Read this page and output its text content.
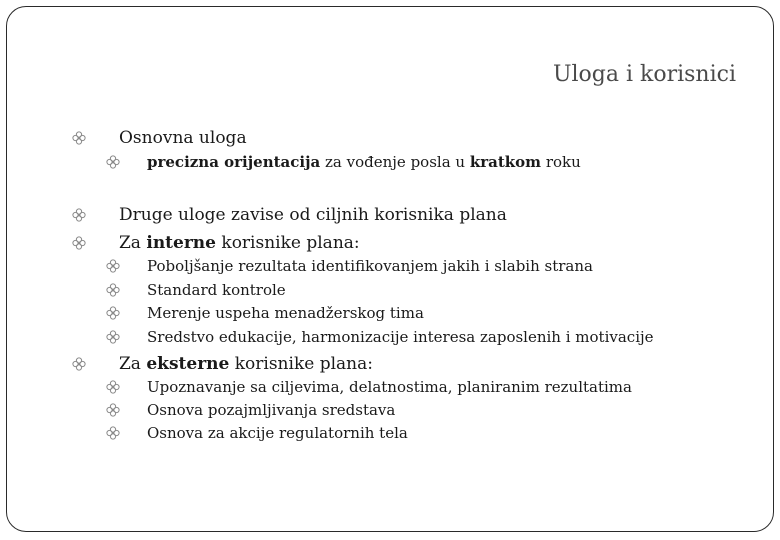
Uloga i korisnici
Osnovna uloga
precizna orijentacija za vođenje posla u kratkom roku
Druge uloge zavise od ciljnih korisnika plana
Za interne korisnike plana:
Poboljšanje rezultata identifikovanjem jakih i slabih strana
Standard kontrole
Merenje uspeha menadžerskog tima
Sredstvo edukacije, harmonizacije interesa zaposlenih i motivacije
Za eksterne korisnike plana:
Upoznavanje sa ciljevima, delatnostima, planiranim rezultatima
Osnova pozajmljivanja sredstava
Osnova za akcije regulatornih tela
